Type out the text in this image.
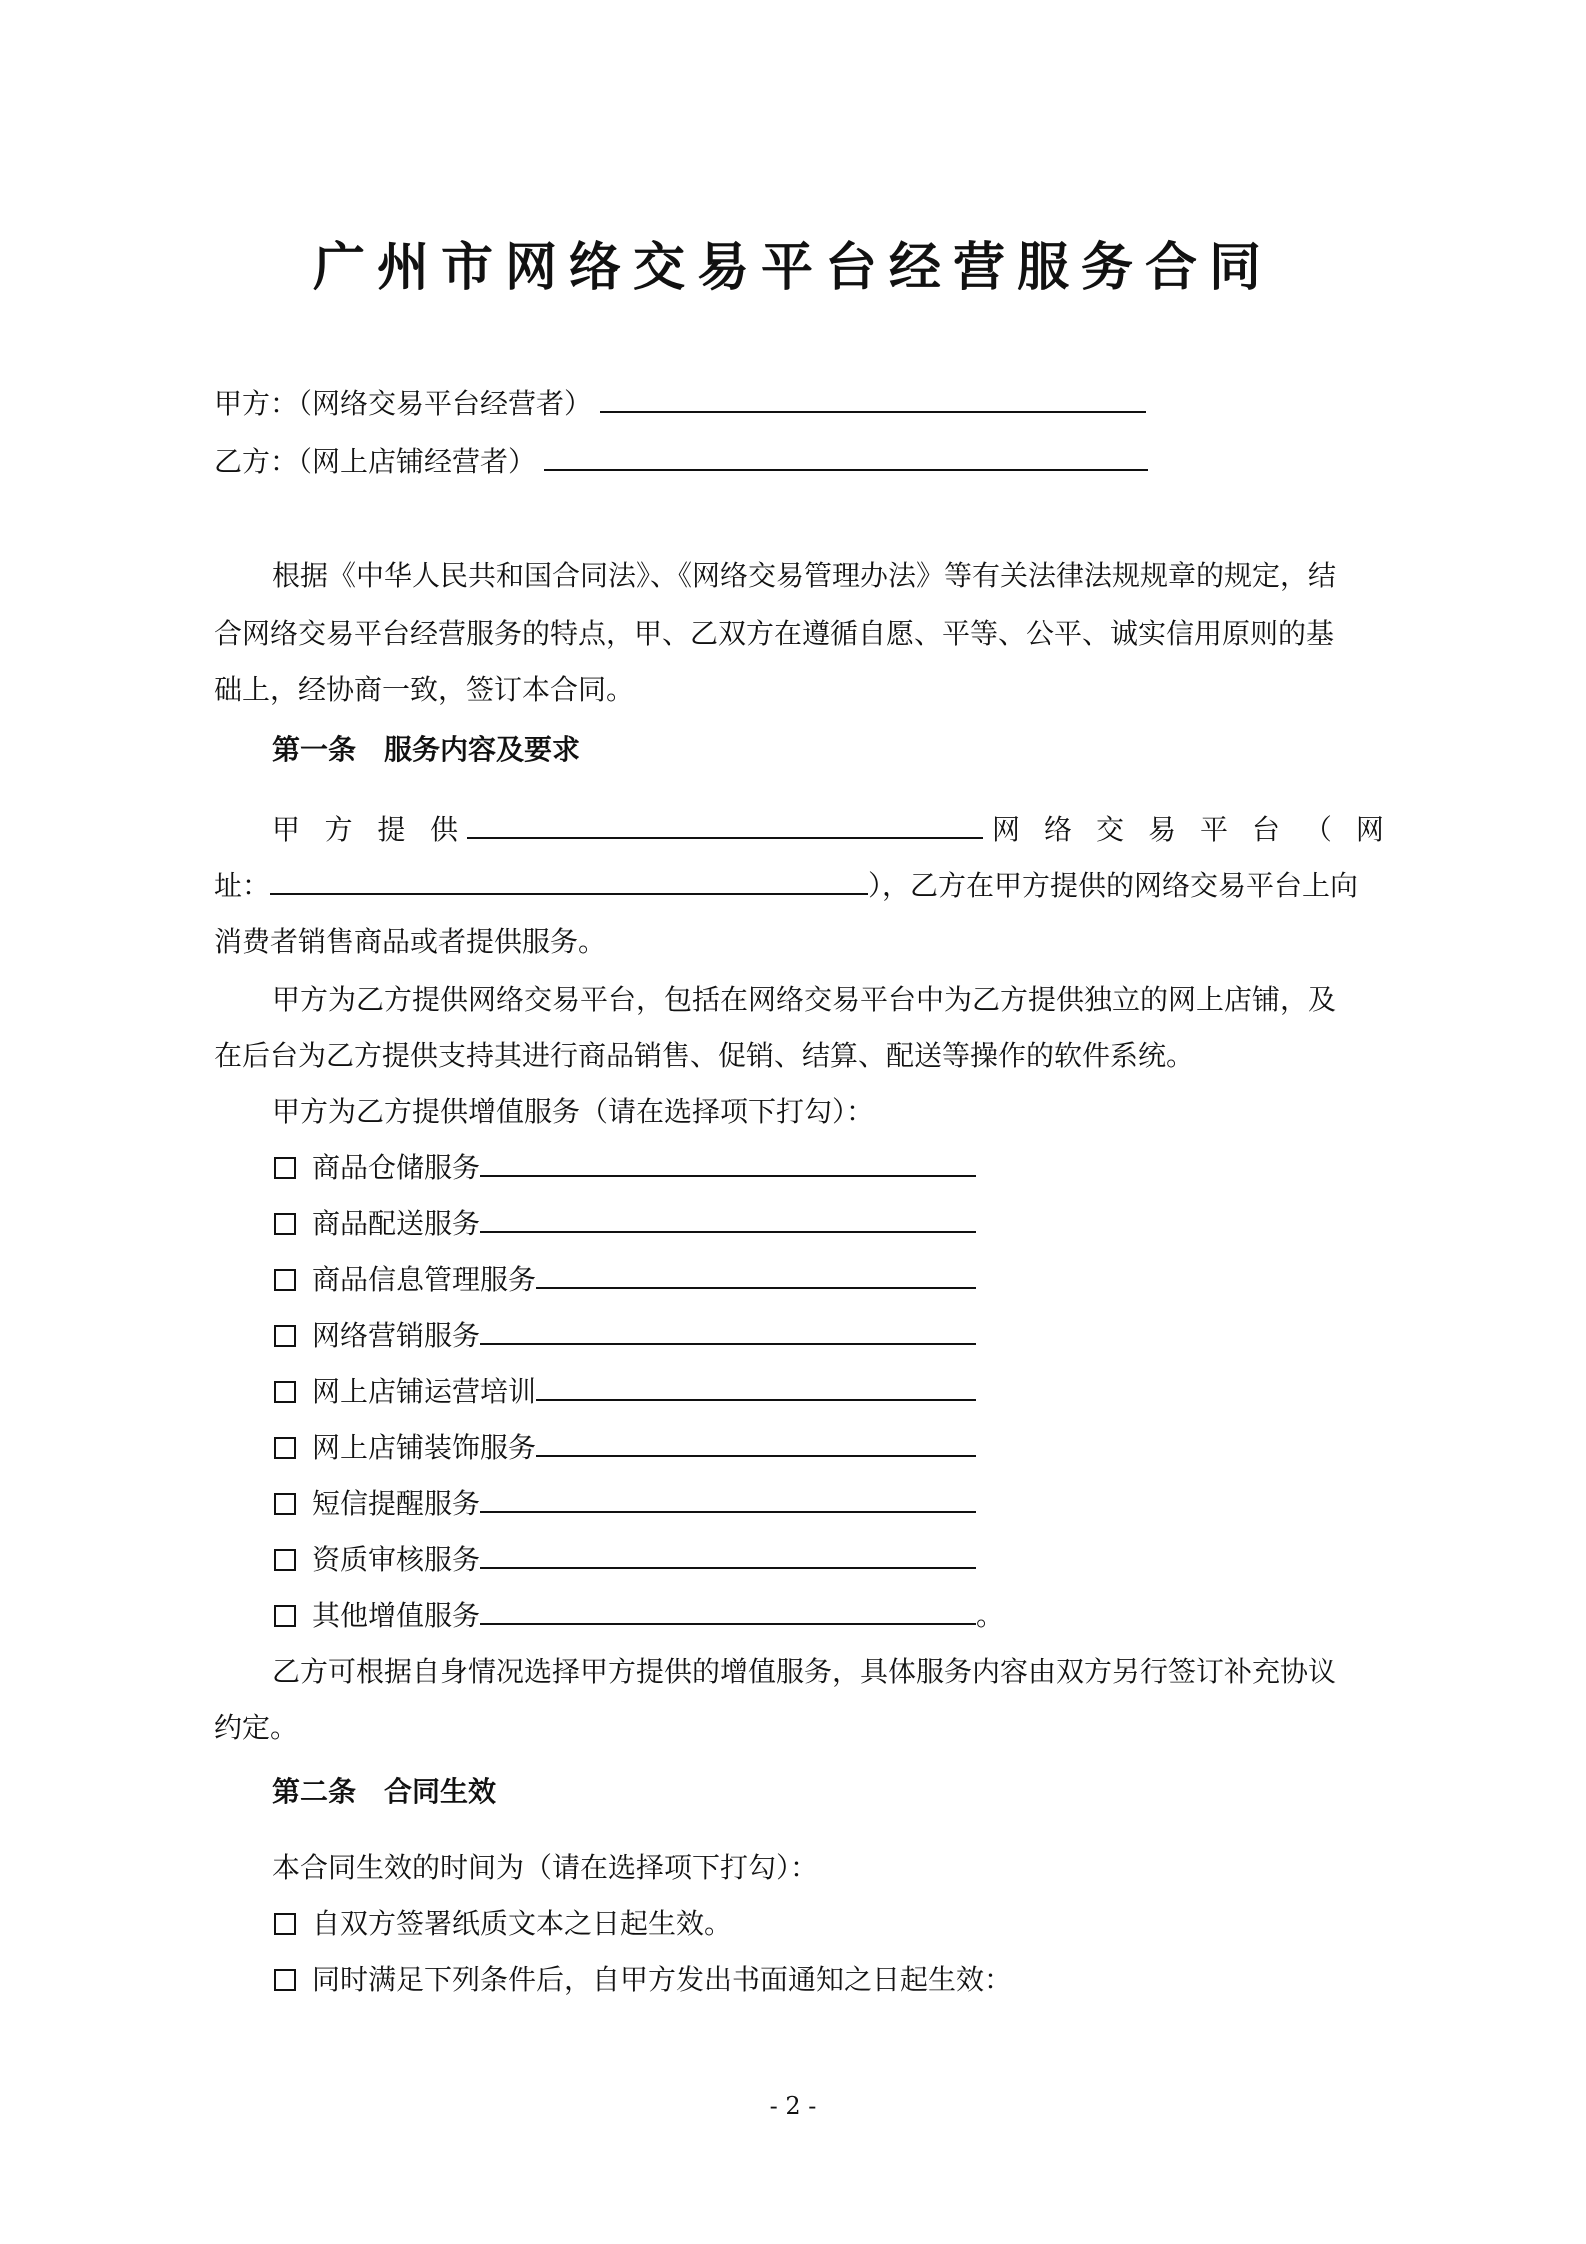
广州市网络交易平台经营服务合同
甲方：（网络交易平台经营者）
乙方：（网上店铺经营者）
根据《中华人民共和国合同法》、《网络交易管理办法》等有关法律法规规章的规定，结
合网络交易平台经营服务的特点，甲、乙双方在遵循自愿、平等、公平、诚实信用原则的基
础上，经协商一致，签订本合同。
第一条　服务内容及要求
甲 方 提 供	网 络 交 易 平 台 （ 网
址：	），乙方在甲方提供的网络交易平台上向
消费者销售商品或者提供服务。
甲方为乙方提供网络交易平台，包括在网络交易平台中为乙方提供独立的网上店铺，及
在后台为乙方提供支持其进行商品销售、促销、结算、配送等操作的软件系统。
甲方为乙方提供增值服务（请在选择项下打勾）：
商品仓储服务
商品配送服务
商品信息管理服务
网络营销服务
网上店铺运营培训
网上店铺装饰服务
短信提醒服务
资质审核服务
其他增值服务	。
乙方可根据自身情况选择甲方提供的增值服务，具体服务内容由双方另行签订补充协议
约定。
第二条　合同生效
本合同生效的时间为（请在选择项下打勾）：
自双方签署纸质文本之日起生效。
同时满足下列条件后，自甲方发出书面通知之日起生效：
- 2 -
